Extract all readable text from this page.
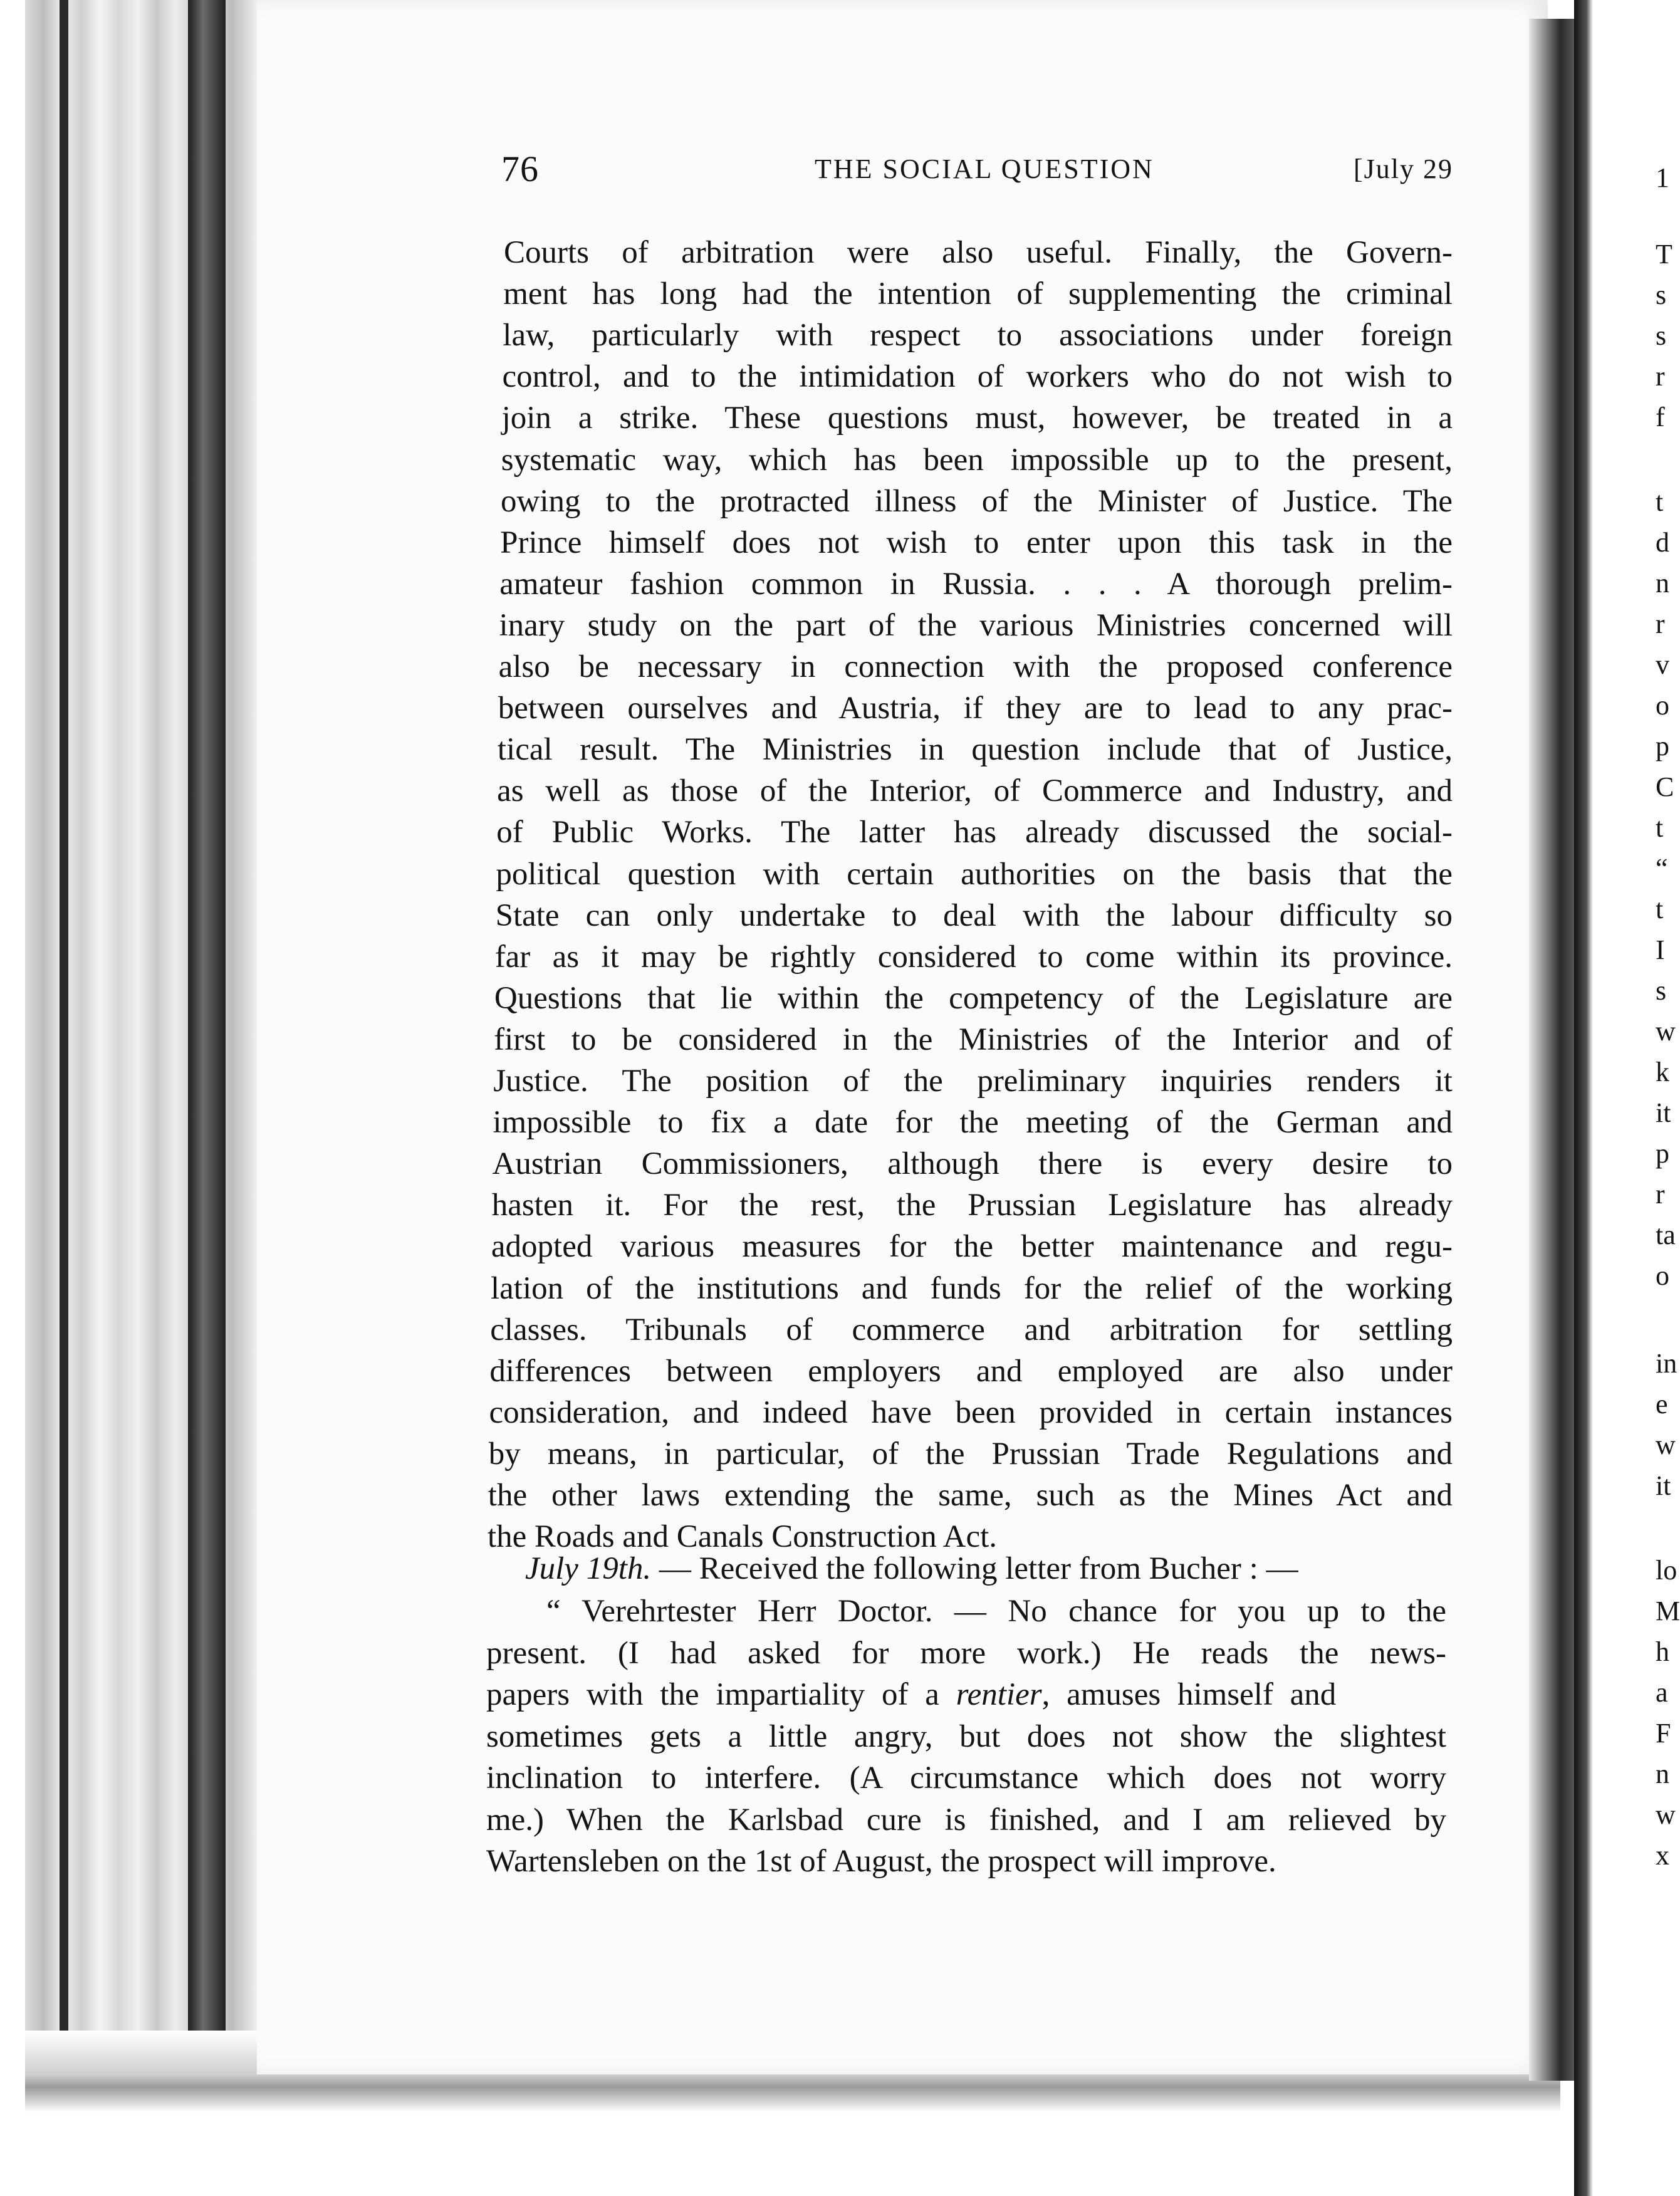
1
T
s
s
r
f
t
d
n
r
v
o
p
C
t
“
t
I
s
w
k
it
p
r
ta
o
in
e
w
it
lo
M
h
a
F
n
w
x
76	THE SOCIAL QUESTION	[July 29
Courts of arbitration were also useful. Finally, the Govern-
ment has long had the intention of supplementing the criminal
law, particularly with respect to associations under foreign
control, and to the intimidation of workers who do not wish to
join a strike. These questions must, however, be treated in a
systematic way, which has been impossible up to the present,
owing to the protracted illness of the Minister of Justice. The
Prince himself does not wish to enter upon this task in the
amateur fashion common in Russia. . . . A thorough prelim-
inary study on the part of the various Ministries concerned will
also be necessary in connection with the proposed conference
between ourselves and Austria, if they are to lead to any prac-
tical result. The Ministries in question include that of Justice,
as well as those of the Interior, of Commerce and Industry, and
of Public Works. The latter has already discussed the social-
political question with certain authorities on the basis that the
State can only undertake to deal with the labour difficulty so
far as it may be rightly considered to come within its province.
Questions that lie within the competency of the Legislature are
first to be considered in the Ministries of the Interior and of
Justice. The position of the preliminary inquiries renders it
impossible to fix a date for the meeting of the German and
Austrian Commissioners, although there is every desire to
hasten it. For the rest, the Prussian Legislature has already
adopted various measures for the better maintenance and regu-
lation of the institutions and funds for the relief of the working
classes. Tribunals of commerce and arbitration for settling
differences between employers and employed are also under
consideration, and indeed have been provided in certain instances
by means, in particular, of the Prussian Trade Regulations and
the other laws extending the same, such as the Mines Act and
the Roads and Canals Construction Act.
July 19th. — Received the following letter from Bucher : —
“ Verehrtester Herr Doctor. — No chance for you up to the
present. (I had asked for more work.) He reads the news-
papers with the impartiality of a rentier, amuses himself and
sometimes gets a little angry, but does not show the slightest
inclination to interfere. (A circumstance which does not worry
me.) When the Karlsbad cure is finished, and I am relieved by
Wartensleben on the 1st of August, the prospect will improve.
